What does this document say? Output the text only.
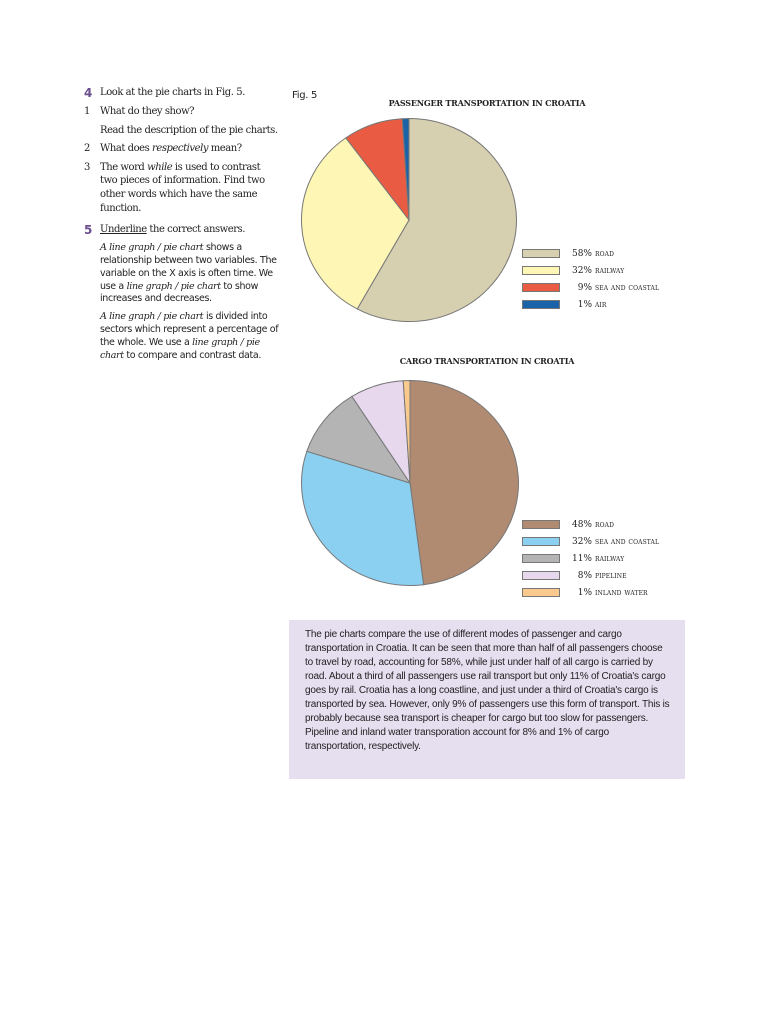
4 Look at the pie charts in Fig. 5.
1	What do they show?
Read the description of the pie charts.
2	What does respectively mean?
3	The word while is used to contrast two pieces of information. Find two other words which have the same function.
5 Underline the correct answers.
A line graph / pie chart shows a relationship between two variables. The variable on the X axis is often time. We use a line graph / pie chart to show increases and decreases.
A line graph / pie chart is divided into sectors which represent a percentage of the whole. We use a line graph / pie chart to compare and contrast data.
Fig. 5
PASSENGER TRANSPORTATION IN CROATIA
58% road
32% railway
9% sea and coastal
1% air
CARGO TRANSPORTATION IN CROATIA
48% road
32% sea and coastal
11% railway
8% pipeline
1% inland water
The pie charts compare the use of different modes of passenger and cargo transportation in Croatia. It can be seen that more than half of all passengers choose to travel by road, accounting for 58%, while just under half of all cargo is carried by road. About a third of all passengers use rail transport but only 11% of Croatia's cargo goes by rail. Croatia has a long coastline, and just under a third of Croatia's cargo is transported by sea. However, only 9% of passengers use this form of transport. This is probably because sea transport is cheaper for cargo but too slow for passengers. Pipeline and inland water transporation account for 8% and 1% of cargo transportation, respectively.
